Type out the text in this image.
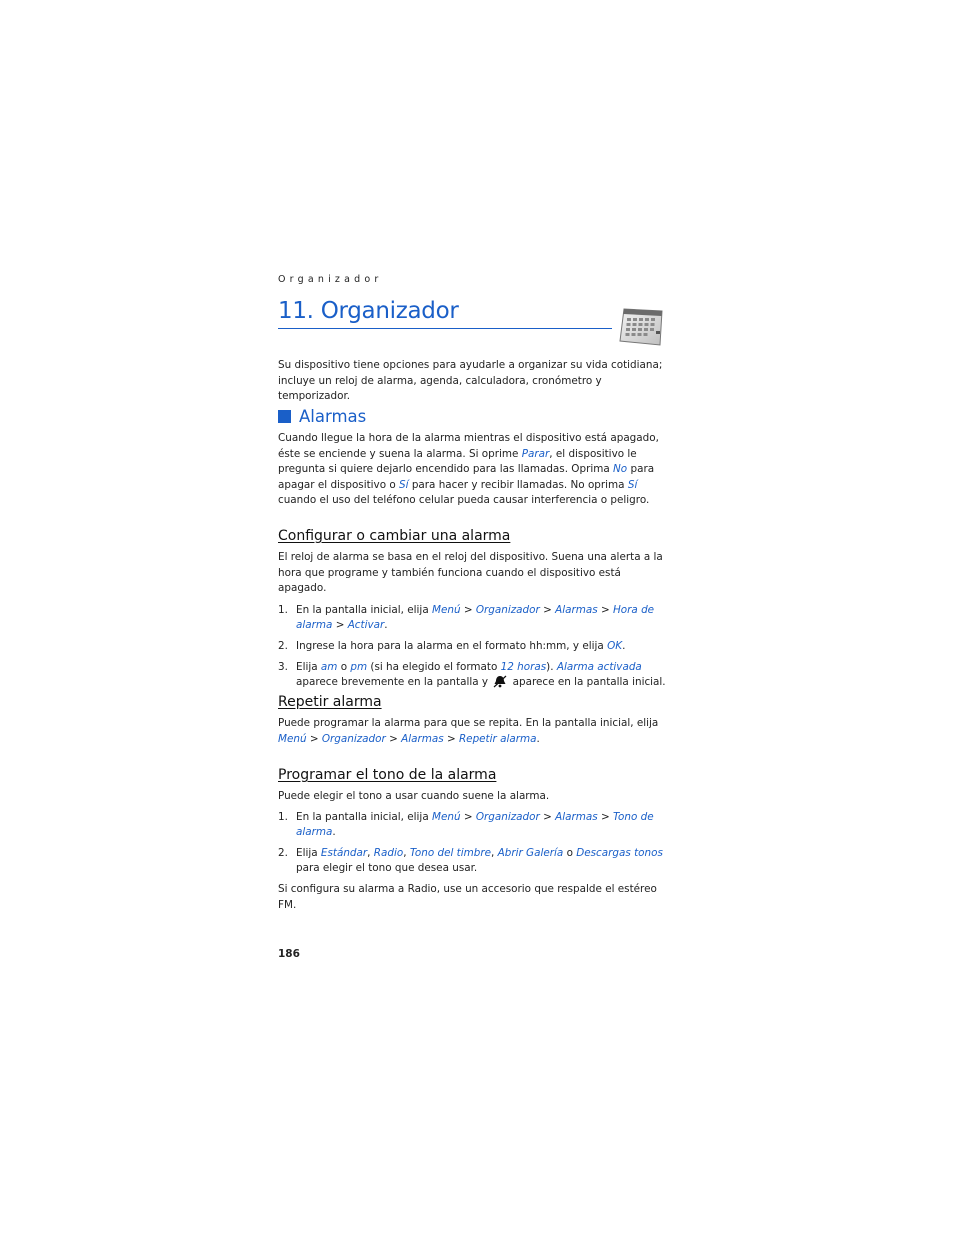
Organizador
11. Organizador

Su dispositivo tiene opciones para ayudarle a organizar su vida cotidiana; incluye un reloj de alarma, agenda, calculadora, cronómetro y temporizador.

Alarmas

Cuando llegue la hora de la alarma mientras el dispositivo está apagado, éste se enciende y suena la alarma. Si oprime Parar, el dispositivo le pregunta si quiere dejarlo encendido para las llamadas. Oprima No para apagar el dispositivo o Sí para hacer y recibir llamadas. No oprima Sí cuando el uso del teléfono celular pueda causar interferencia o peligro.

Configurar o cambiar una alarma

El reloj de alarma se basa en el reloj del dispositivo. Suena una alerta a la hora que programe y también funciona cuando el dispositivo está apagado.

1. En la pantalla inicial, elija Menú > Organizador > Alarmas > Hora de alarma > Activar.
2. Ingrese la hora para la alarma en el formato hh:mm, y elija OK.
3. Elija am o pm (si ha elegido el formato 12 horas). Alarma activada aparece brevemente en la pantalla y  aparece en la pantalla inicial.
Repetir alarma

Puede programar la alarma para que se repita. En la pantalla inicial, elija Menú > Organizador > Alarmas > Repetir alarma.

Programar el tono de la alarma

Puede elegir el tono a usar cuando suene la alarma.

1. En la pantalla inicial, elija Menú > Organizador > Alarmas > Tono de alarma.
2. Elija Estándar, Radio, Tono del timbre, Abrir Galería o Descargas tonos para elegir el tono que desea usar.

Si configura su alarma a Radio, use un accesorio que respalde el estéreo FM.

186
